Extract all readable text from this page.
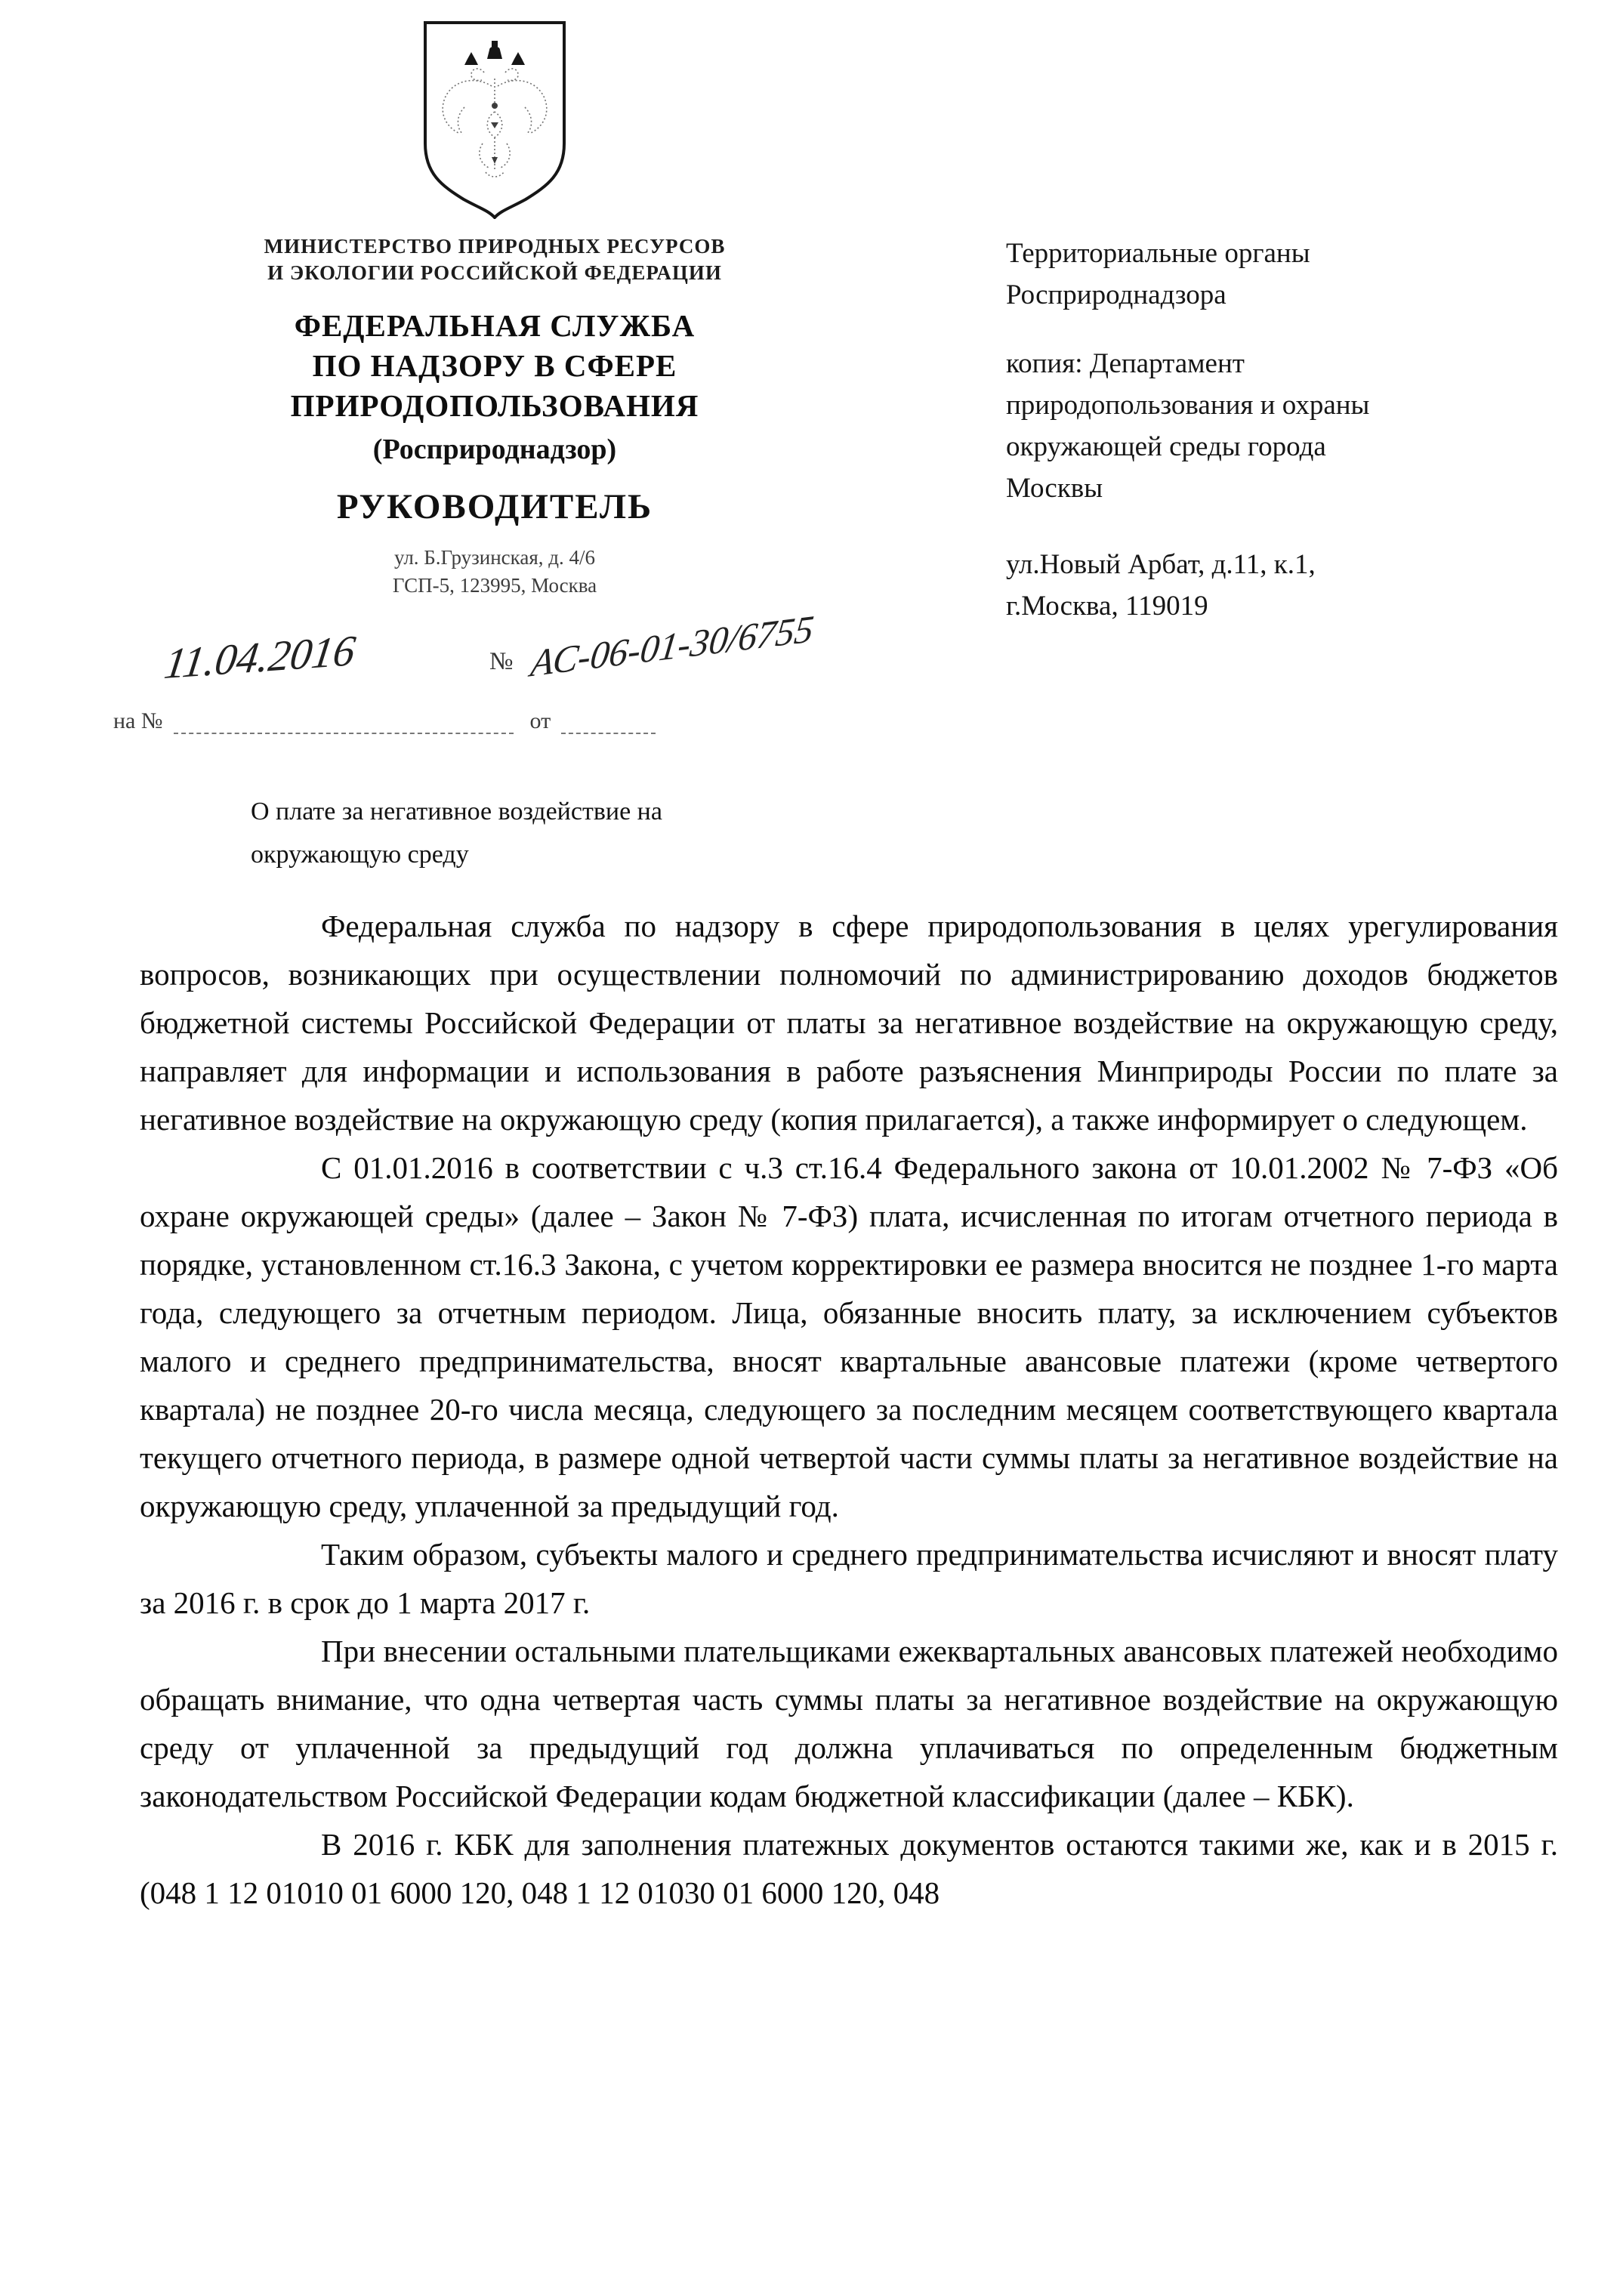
МИНИСТЕРСТВО ПРИРОДНЫХ РЕСУРСОВ
И ЭКОЛОГИИ РОССИЙСКОЙ ФЕДЕРАЦИИ
ФЕДЕРАЛЬНАЯ СЛУЖБА
ПО НАДЗОРУ В СФЕРЕ
ПРИРОДОПОЛЬЗОВАНИЯ
(Росприроднадзор)
РУКОВОДИТЕЛЬ
ул. Б.Грузинская, д. 4/6
ГСП-5, 123995, Москва
Территориальные органы
Росприроднадзора
копия: Департамент
природопользования и охраны
окружающей среды города
Москвы
ул.Новый Арбат, д.11, к.1,
г.Москва, 119019
11.04.2016	№ АС-06-01-30/6755
на №	от
О плате за негативное воздействие на
окружающую среду

Федеральная служба по надзору в сфере природопользования в целях урегулирования вопросов, возникающих при осуществлении полномочий по администрированию доходов бюджетов бюджетной системы Российской Федерации от платы за негативное воздействие на окружающую среду, направляет для информации и использования в работе разъяснения Минприроды России по плате за негативное воздействие на окружающую среду (копия прилагается), а также информирует о следующем.

С 01.01.2016 в соответствии с ч.3 ст.16.4 Федерального закона от 10.01.2002 № 7-ФЗ «Об охране окружающей среды» (далее – Закон № 7-ФЗ) плата, исчисленная по итогам отчетного периода в порядке, установленном ст.16.3 Закона, с учетом корректировки ее размера вносится не позднее 1-го марта года, следующего за отчетным периодом. Лица, обязанные вносить плату, за исключением субъектов малого и среднего предпринимательства, вносят квартальные авансовые платежи (кроме четвертого квартала) не позднее 20-го числа месяца, следующего за последним месяцем соответствующего квартала текущего отчетного периода, в размере одной четвертой части суммы платы за негативное воздействие на окружающую среду, уплаченной за предыдущий год.

Таким образом, субъекты малого и среднего предпринимательства исчисляют и вносят плату за 2016 г. в срок до 1 марта 2017 г.

При внесении остальными плательщиками ежеквартальных авансовых платежей необходимо обращать внимание, что одна четвертая часть суммы платы за негативное воздействие на окружающую среду от уплаченной за предыдущий год должна уплачиваться по определенным бюджетным законодательством Российской Федерации кодам бюджетной классификации (далее – КБК).

В 2016 г. КБК для заполнения платежных документов остаются такими же, как и в 2015 г. (048 1 12 01010 01 6000 120, 048 1 12 01030 01 6000 120, 048
